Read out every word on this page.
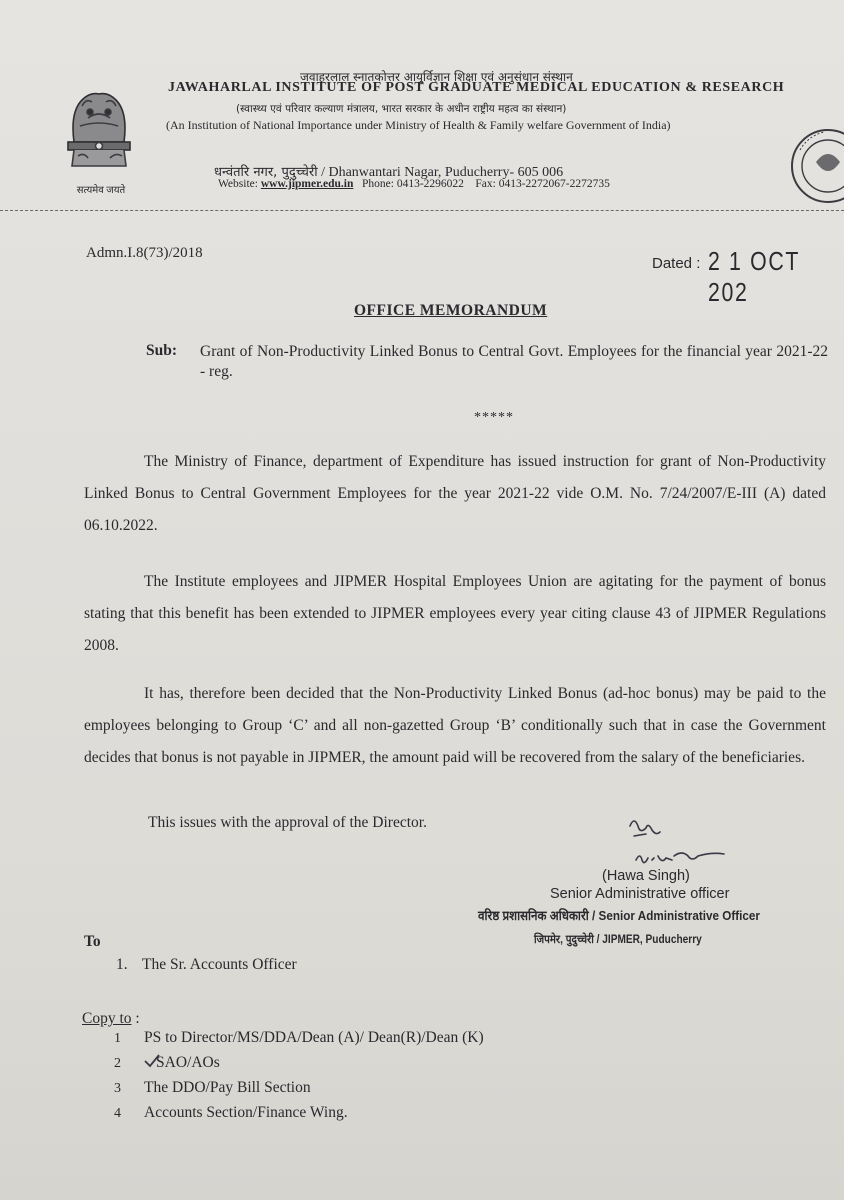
सत्यमेव जयते
जवाहरलाल स्नातकोत्तर आयुर्विज्ञान शिक्षा एवं अनुसंधान संस्थान
JAWAHARLAL INSTITUTE OF POST GRADUATE MEDICAL EDUCATION & RESEARCH
(स्वास्थ्य एवं परिवार कल्याण मंत्रालय, भारत सरकार के अधीन राष्ट्रीय महत्व का संस्थान)
(An Institution of National Importance under Ministry of Health & Family welfare Government of India)
धन्वंतरि नगर, पुदुच्चेरी / Dhanwantari Nagar, Puducherry- 605 006
Website: www.jipmer.edu.in Phone: 0413-2296022 Fax: 0413-2272067-2272735
Admn.I.8(73)/2018
Dated : 2 1 OCT 202
OFFICE MEMORANDUM
Sub: Grant of Non-Productivity Linked Bonus to Central Govt. Employees for the financial year 2021-22 - reg.
*****
The Ministry of Finance, department of Expenditure has issued instruction for grant of Non-Productivity Linked Bonus to Central Government Employees for the year 2021-22 vide O.M. No. 7/24/2007/E-III (A) dated 06.10.2022.
The Institute employees and JIPMER Hospital Employees Union are agitating for the payment of bonus stating that this benefit has been extended to JIPMER employees every year citing clause 43 of JIPMER Regulations 2008.
It has, therefore been decided that the Non-Productivity Linked Bonus (ad-hoc bonus) may be paid to the employees belonging to Group ‘C’ and all non-gazetted Group ‘B’ conditionally such that in case the Government decides that bonus is not payable in JIPMER, the amount paid will be recovered from the salary of the beneficiaries.
This issues with the approval of the Director.
(Hawa Singh)
Senior Administrative officer
वरिष्ठ प्रशासनिक अधिकारी / Senior Administrative Officer
जिपमेर, पुदुच्चेरी / JIPMER, Puducherry
To
1. The Sr. Accounts Officer
Copy to :
1 PS to Director/MS/DDA/Dean (A)/ Dean(R)/Dean (K)
2 SAO/AOs
3 The DDO/Pay Bill Section
4 Accounts Section/Finance Wing.
